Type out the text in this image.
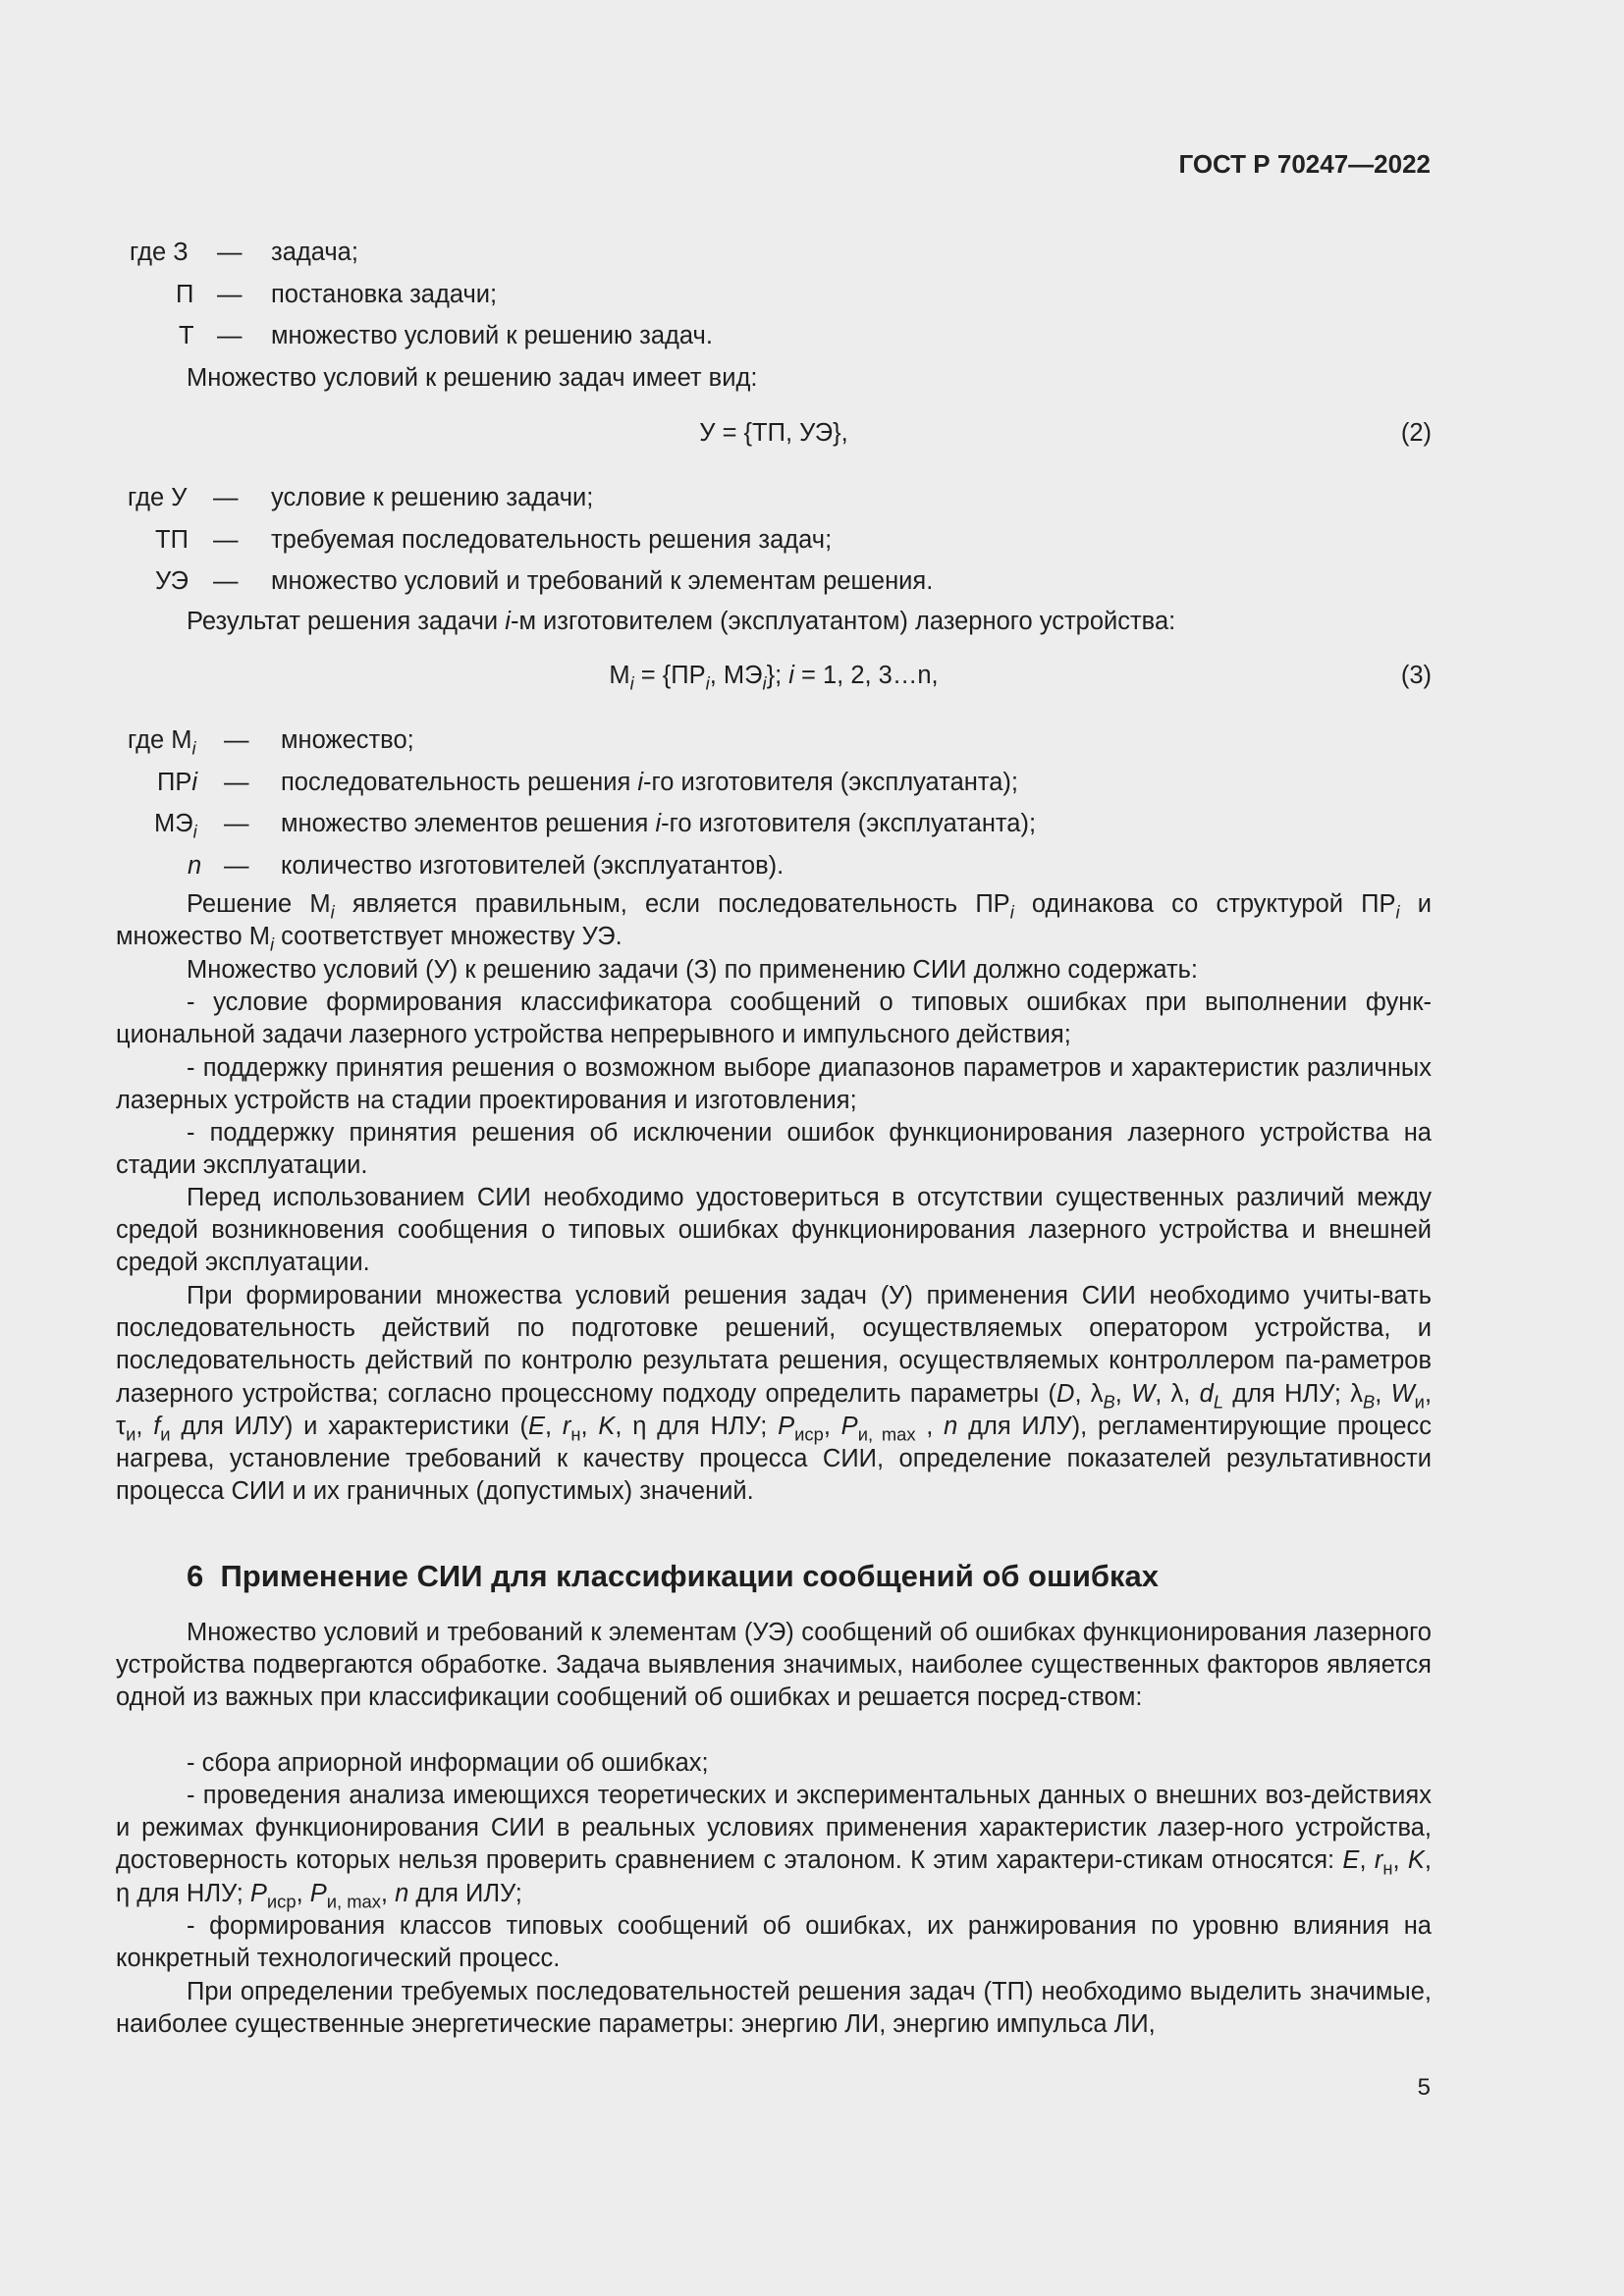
ГОСТ Р 70247—2022
где З — задача;
П — постановка задачи;
Т — множество условий к решению задач.
Множество условий к решению задач имеет вид:
У = {ТП, УЭ},	(2)
где У — условие к решению задачи;
ТП — требуемая последовательность решения задач;
УЭ — множество условий и требований к элементам решения.
Результат решения задачи i-м изготовителем (эксплуатантом) лазерного устройства:
$М_i = \{ПР_i$, $МЭ_i$}; i = 1, 2, 3…n,	(3)
где $М_i$ — множество;
ПРi — последовательность решения i-го изготовителя (эксплуатанта);
$МЭ_i$ — множество элементов решения i-го изготовителя (эксплуатанта);
n — количество изготовителей (эксплуатантов).
Решение $М_i$ является правильным, если последовательность $ПР_i$ одинакова со структурой $ПР_i$ и множество $М_i$ соответствует множеству УЭ.
Множество условий (У) к решению задачи (З) по применению СИИ должно содержать:
- условие формирования классификатора сообщений о типовых ошибках при выполнении функ-циональной задачи лазерного устройства непрерывного и импульсного действия;
- поддержку принятия решения о возможном выборе диапазонов параметров и характеристик различных лазерных устройств на стадии проектирования и изготовления;
- поддержку принятия решения об исключении ошибок функционирования лазерного устройства на стадии эксплуатации.
Перед использованием СИИ необходимо удостовериться в отсутствии существенных различий между средой возникновения сообщения о типовых ошибках функционирования лазерного устройства и внешней средой эксплуатации.
При формировании множества условий решения задач (У) применения СИИ необходимо учиты-вать последовательность действий по подготовке решений, осуществляемых оператором устройства, и последовательность действий по контролю результата решения, осуществляемых контроллером па-раметров лазерного устройства; согласно процессному подходу определить параметры (D, $\lambda_B$, W, λ, $d_L$ для НЛУ; $\lambda_B$, $W_и$, $\tau_и$, $f_и$ для ИЛУ) и характеристики (E, $r_н$, K, η для НЛУ; $P_{иср}$, $P_{и, max}$ , n для ИЛУ), регламентирующие процесс нагрева, установление требований к качеству процесса СИИ, определение показателей результативности процесса СИИ и их граничных (допустимых) значений.
6 Применение СИИ для классификации сообщений об ошибках
Множество условий и требований к элементам (УЭ) сообщений об ошибках функционирования лазерного устройства подвергаются обработке. Задача выявления значимых, наиболее существенных факторов является одной из важных при классификации сообщений об ошибках и решается посред-ством:
- сбора априорной информации об ошибках;
- проведения анализа имеющихся теоретических и экспериментальных данных о внешних воз-действиях и режимах функционирования СИИ в реальных условиях применения характеристик лазер-ного устройства, достоверность которых нельзя проверить сравнением с эталоном. К этим характери-стикам относятся: E, $r_н$, K, η для НЛУ; $P_{иср}$, $P_{и, max}$, n для ИЛУ;
- формирования классов типовых сообщений об ошибках, их ранжирования по уровню влияния на конкретный технологический процесс.
При определении требуемых последовательностей решения задач (ТП) необходимо выделить значимые, наиболее существенные энергетические параметры: энергию ЛИ, энергию импульса ЛИ,
5
